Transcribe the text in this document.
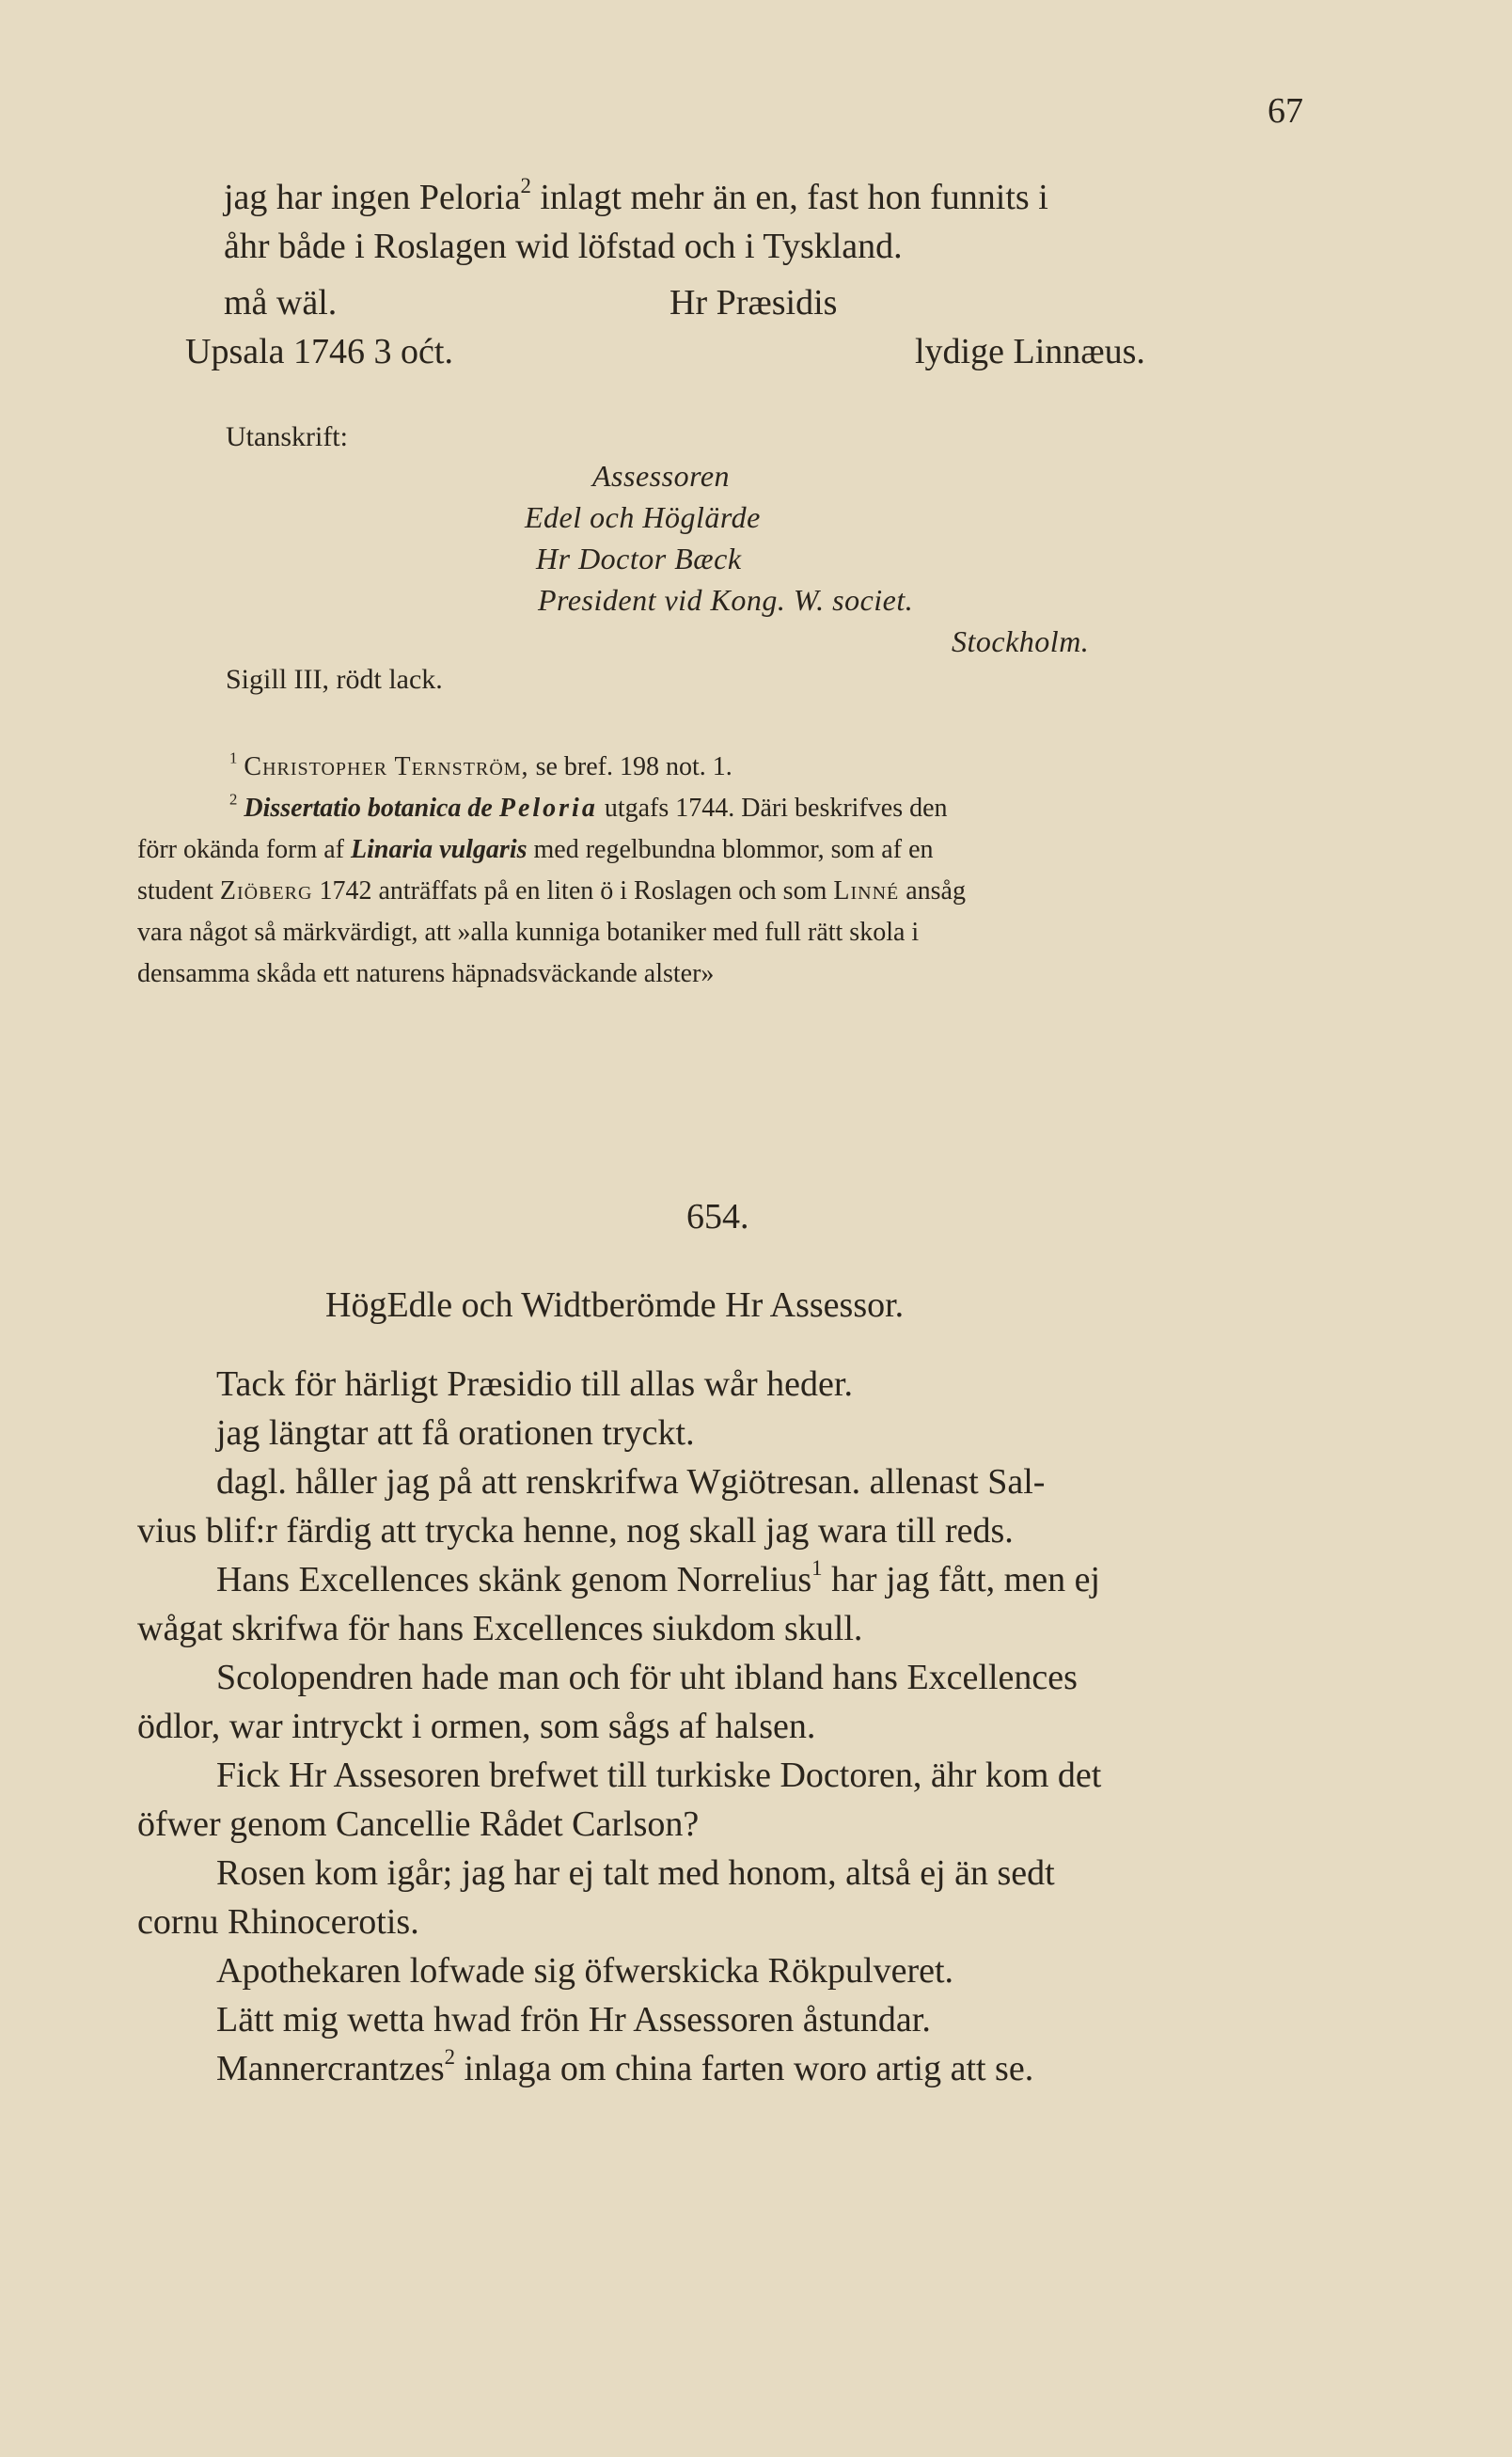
67
jag har ingen Peloria$^2$ inlagt mehr än en, fast hon funnits i
åhr både i Roslagen wid löfstad och i Tyskland.
må wäl.	Hr Præsidis
Upsala 1746 3 oćt.	lydige Linnæus.
Utanskrift:
Assessoren
Edel och Höglärde
Hr Doctor Bæck
President vid Kong. W. societ.
Stockholm.
Sigill III, rödt lack.
$^1$ Christopher Ternström, se bref. 198 not. 1.
$^2$ Dissertatio botanica de Peloria utgafs 1744. Däri beskrifves den
förr okända form af Linaria vulgaris med regelbundna blommor, som af en
student Ziöberg 1742 anträffats på en liten ö i Roslagen och som Linné ansåg
vara något så märkvärdigt, att »alla kunniga botaniker med full rätt skola i
densamma skåda ett naturens häpnadsväckande alster»
654.
HögEdle och Widtberömde Hr Assessor.
Tack för härligt Præsidio till allas wår heder.
jag längtar att få orationen tryckt.
dagl. håller jag på att renskrifwa Wgiötresan. allenast Sal-
vius blif:r färdig att trycka henne, nog skall jag wara till reds.
Hans Excellences skänk genom Norrelius$^1$ har jag fått, men ej
wågat skrifwa för hans Excellences siukdom skull.
Scolopendren hade man och för uht ibland hans Excellences
ödlor, war intryckt i ormen, som sågs af halsen.
Fick Hr Assesoren brefwet till turkiske Doctoren, ähr kom det
öfwer genom Cancellie Rådet Carlson?
Rosen kom igår; jag har ej talt med honom, altså ej än sedt
cornu Rhinocerotis.
Apothekaren lofwade sig öfwerskicka Rökpulveret.
Lätt mig wetta hwad frön Hr Assessoren åstundar.
Mannercrantzes$^2$ inlaga om china farten woro artig att se.
